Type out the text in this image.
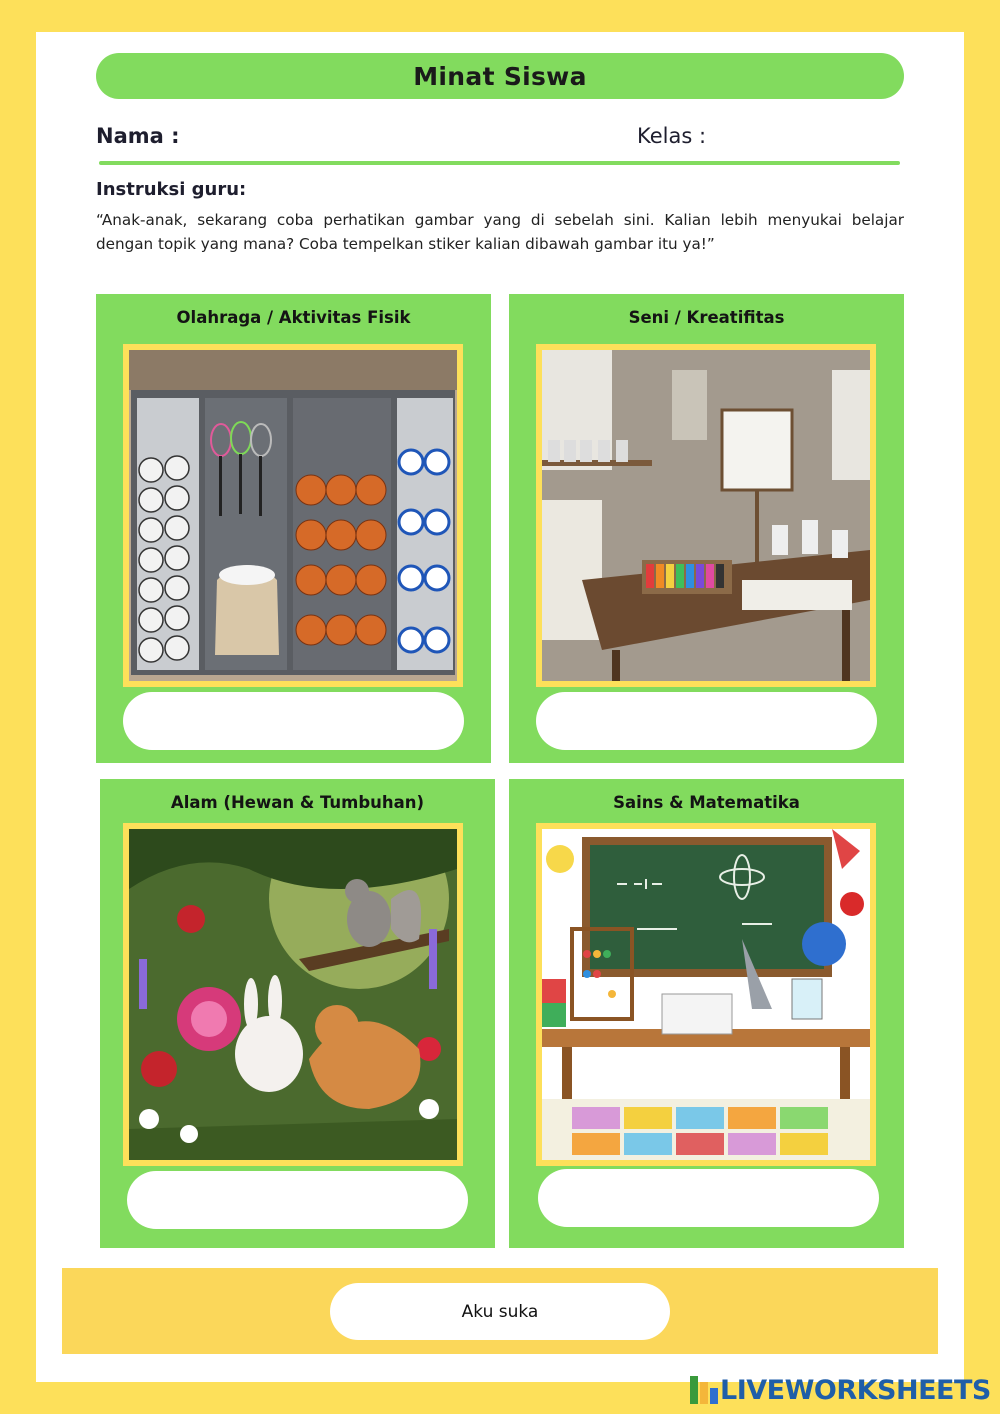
Minat Siswa
Nama :	Kelas :
Instruksi guru:
“Anak-anak, sekarang coba perhatikan gambar yang di sebelah sini. Kalian lebih menyukai belajar dengan topik yang mana? Coba tempelkan stiker kalian dibawah gambar itu ya!”
Olahraga / Aktivitas Fisik	Seni / Kreatifitas
Alam (Hewan & Tumbuhan)	Sains & Matematika
Aku suka
LIVEWORKSHEETS
